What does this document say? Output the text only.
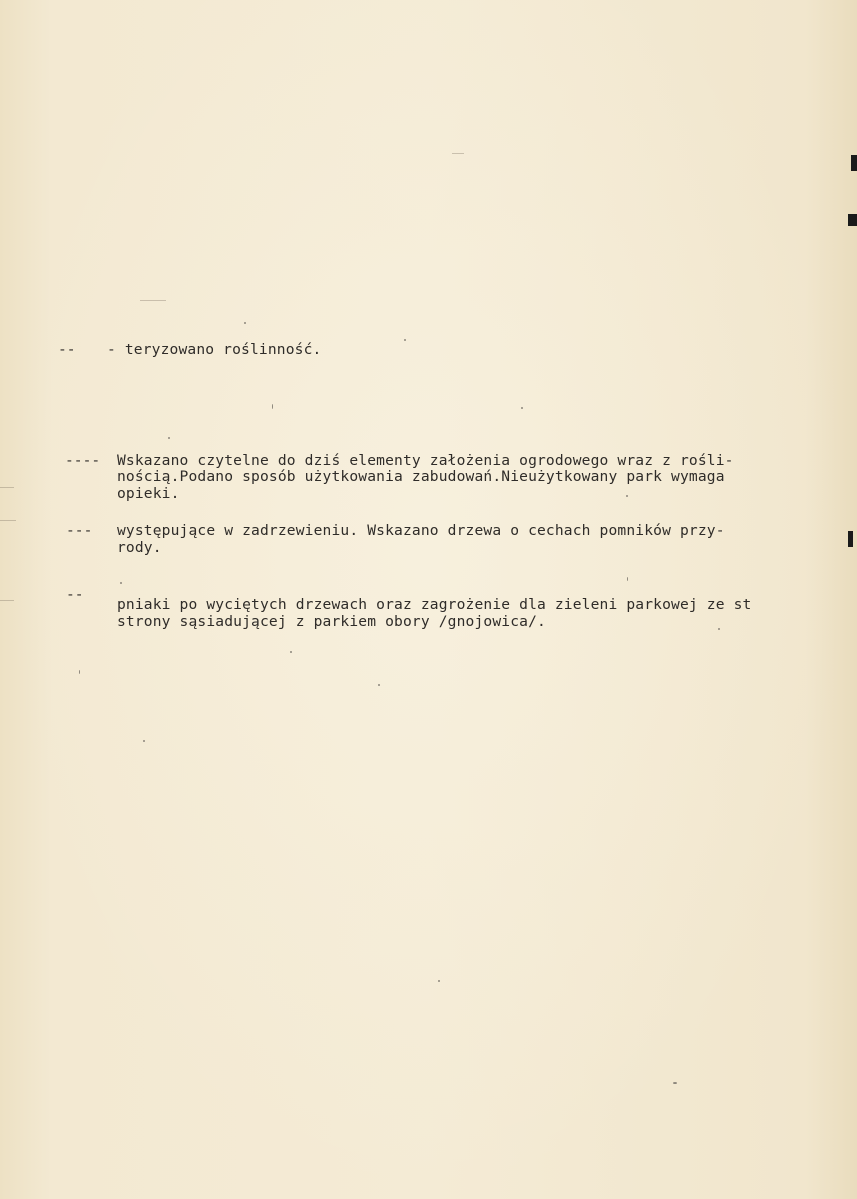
-- - teryzowano roślinność.
---- Wskazano czytelne do dziś elementy założenia ogrodowego wraz z rośli-
nością.Podano sposób użytkowania zabudowań.Nieużytkowany park wymaga
opieki.
--- występujące w zadrzewieniu. Wskazano drzewa o cechach pomników przy-
rody.
--
pniaki po wyciętych drzewach oraz zagrożenie dla zieleni parkowej ze st
strony sąsiadującej z parkiem obory /gnojowica/.
